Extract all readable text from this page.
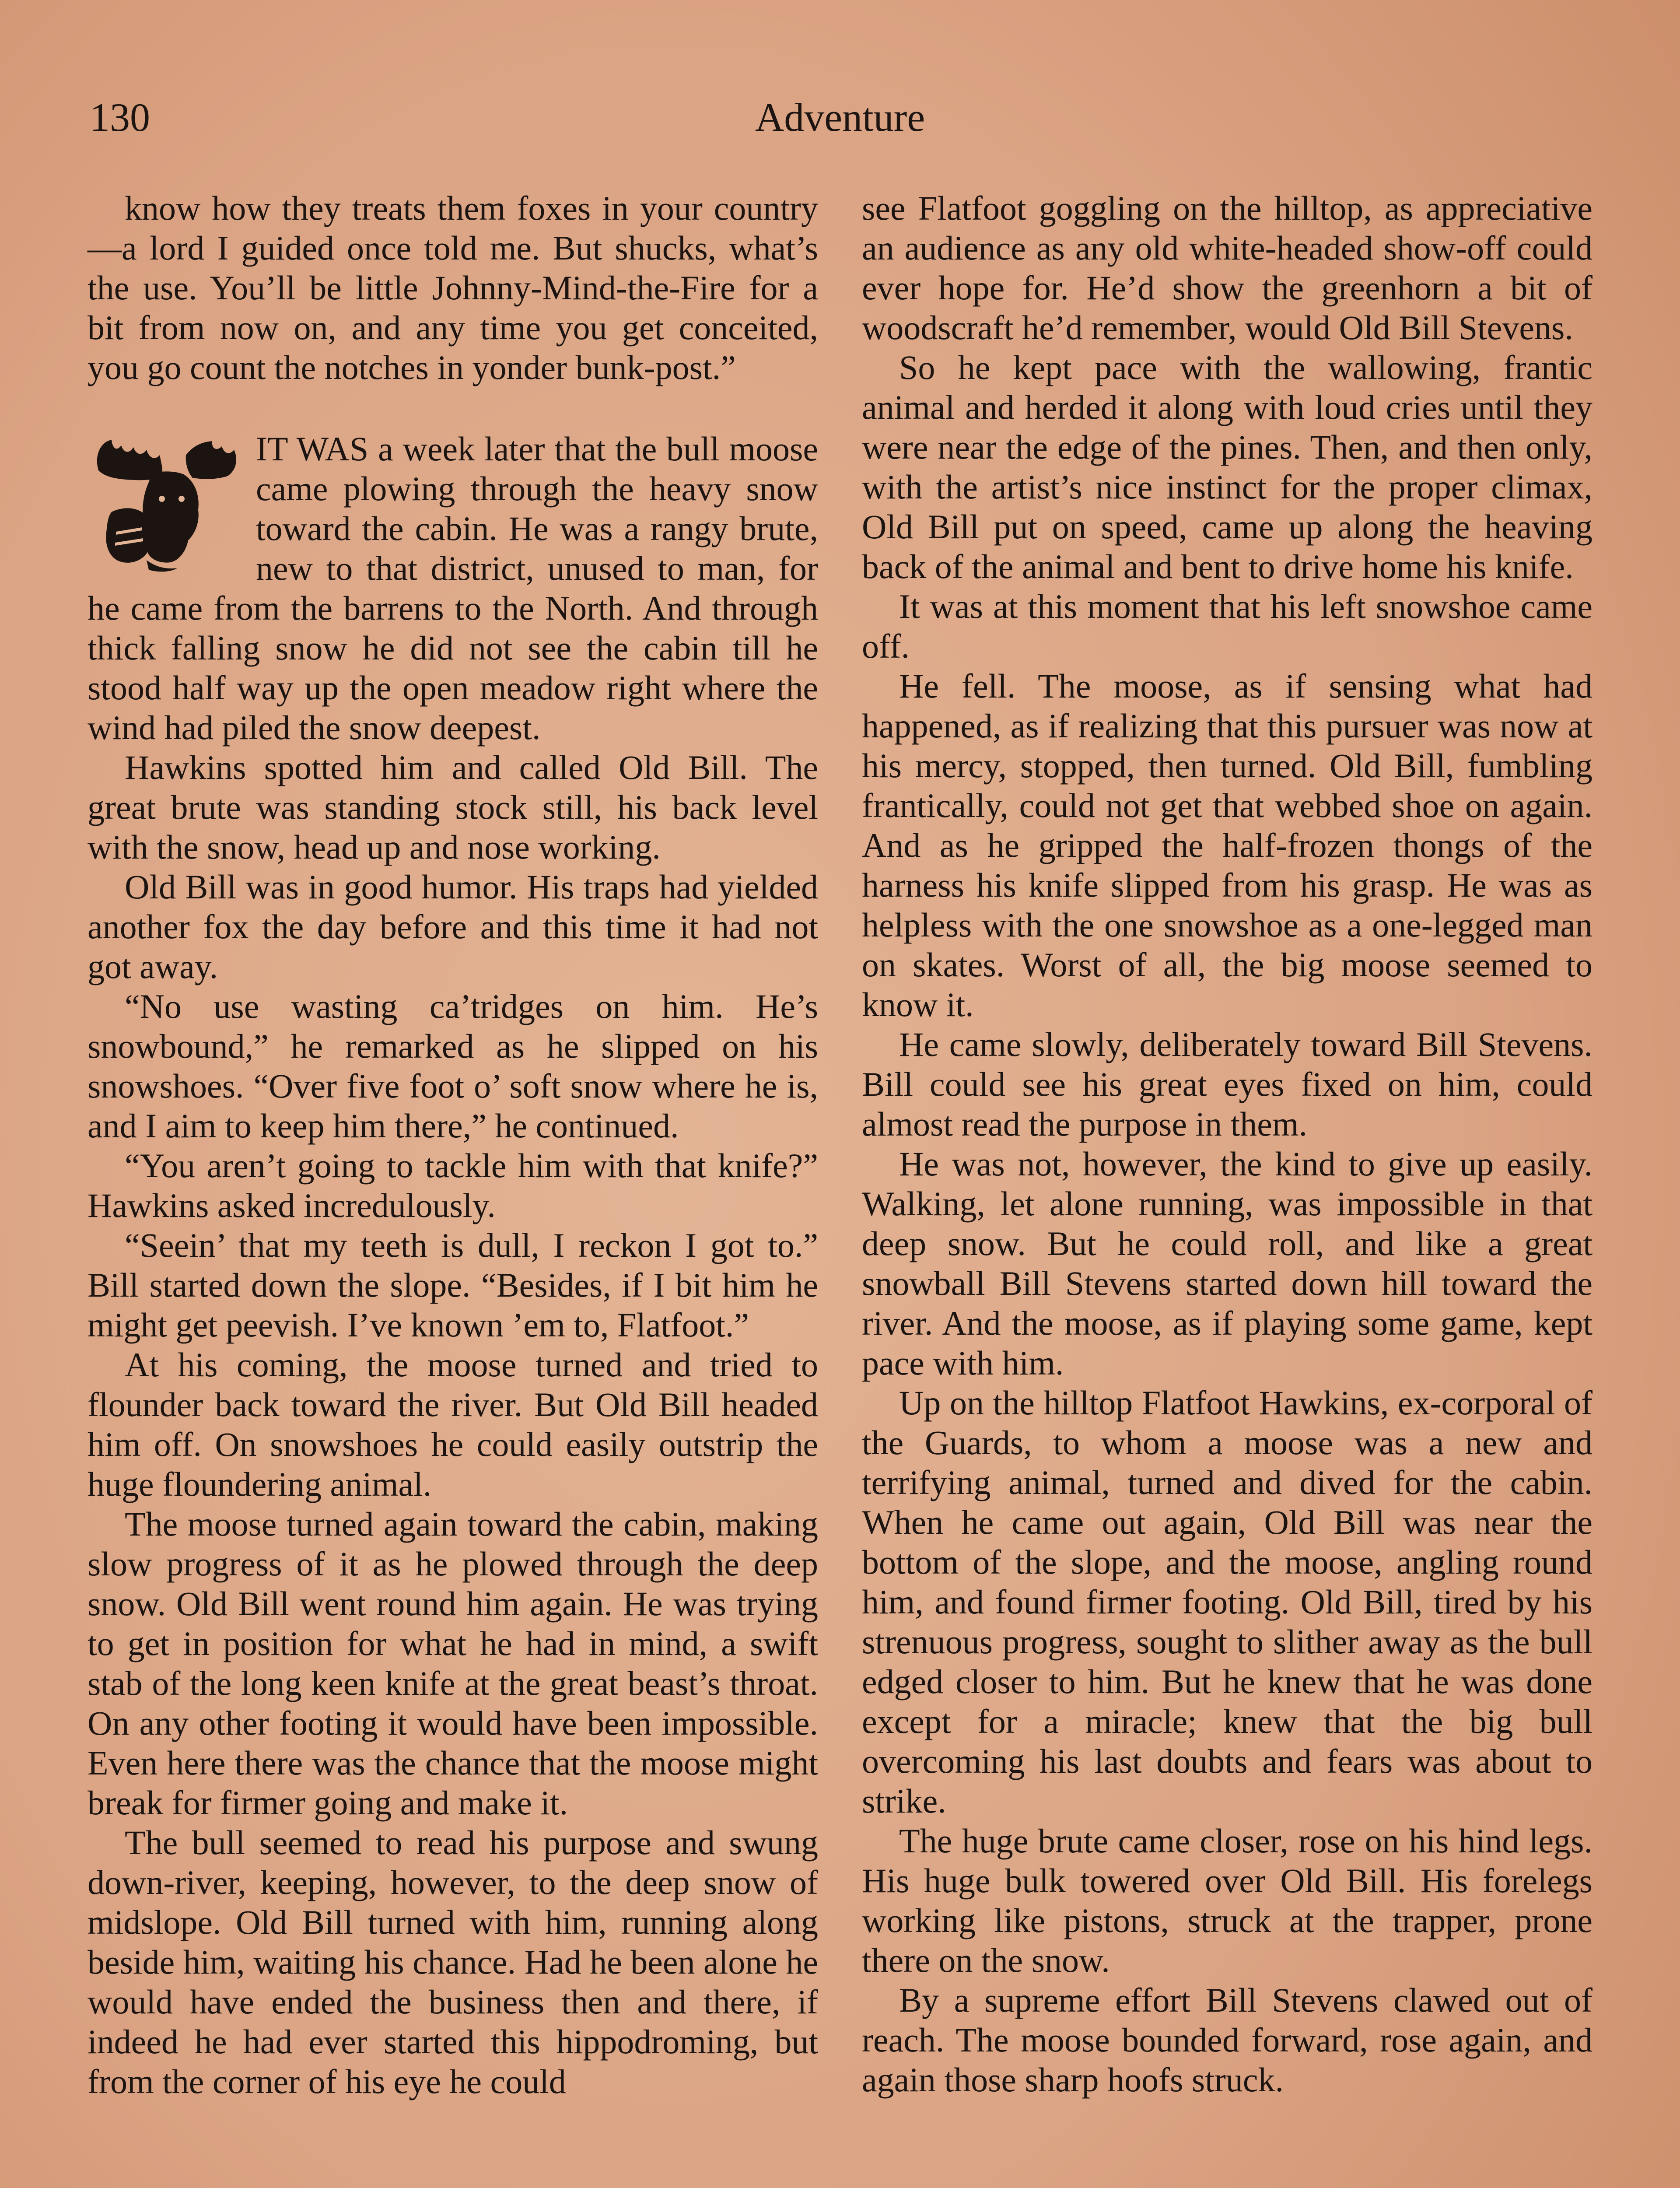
130	Adventure

know how they treats them foxes in your country—a lord I guided once told me. But shucks, what’s the use. You’ll be little Johnny-Mind-the-Fire for a bit from now on, and any time you get conceited, you go count the notches in yonder bunk-post.”

IT WAS a week later that the bull moose came plowing through the heavy snow toward the cabin. He was a rangy brute, new to that district, unused to man, for he came from the barrens to the North. And through thick falling snow he did not see the cabin till he stood half way up the open meadow right where the wind had piled the snow deepest.

Hawkins spotted him and called Old Bill. The great brute was standing stock still, his back level with the snow, head up and nose working.

Old Bill was in good humor. His traps had yielded another fox the day before and this time it had not got away.

“No use wasting ca’tridges on him. He’s snowbound,” he remarked as he slipped on his snowshoes. “Over five foot o’ soft snow where he is, and I aim to keep him there,” he continued.

“You aren’t going to tackle him with that knife?” Hawkins asked incredulously.

“Seein’ that my teeth is dull, I reckon I got to.” Bill started down the slope. “Besides, if I bit him he might get peevish. I’ve known ’em to, Flatfoot.”

At his coming, the moose turned and tried to flounder back toward the river. But Old Bill headed him off. On snowshoes he could easily outstrip the huge floundering animal.

The moose turned again toward the cabin, making slow progress of it as he plowed through the deep snow. Old Bill went round him again. He was trying to get in position for what he had in mind, a swift stab of the long keen knife at the great beast’s throat. On any other footing it would have been impossible. Even here there was the chance that the moose might break for firmer going and make it.

The bull seemed to read his purpose and swung down-river, keeping, however, to the deep snow of midslope. Old Bill turned with him, running along beside him, waiting his chance. Had he been alone he would have ended the business then and there, if indeed he had ever started this hippodroming, but from the corner of his eye he could

see Flatfoot goggling on the hilltop, as appreciative an audience as any old white-headed show-off could ever hope for. He’d show the greenhorn a bit of woodscraft he’d remember, would Old Bill Stevens.

So he kept pace with the wallowing, frantic animal and herded it along with loud cries until they were near the edge of the pines. Then, and then only, with the artist’s nice instinct for the proper climax, Old Bill put on speed, came up along the heaving back of the animal and bent to drive home his knife.

It was at this moment that his left snowshoe came off.

He fell. The moose, as if sensing what had happened, as if realizing that this pursuer was now at his mercy, stopped, then turned. Old Bill, fumbling frantically, could not get that webbed shoe on again. And as he gripped the half-frozen thongs of the harness his knife slipped from his grasp. He was as helpless with the one snowshoe as a one-legged man on skates. Worst of all, the big moose seemed to know it.

He came slowly, deliberately toward Bill Stevens. Bill could see his great eyes fixed on him, could almost read the purpose in them.

He was not, however, the kind to give up easily. Walking, let alone running, was impossible in that deep snow. But he could roll, and like a great snowball Bill Stevens started down hill toward the river. And the moose, as if playing some game, kept pace with him.

Up on the hilltop Flatfoot Hawkins, ex-corporal of the Guards, to whom a moose was a new and terrifying animal, turned and dived for the cabin. When he came out again, Old Bill was near the bottom of the slope, and the moose, angling round him, and found firmer footing. Old Bill, tired by his strenuous progress, sought to slither away as the bull edged closer to him. But he knew that he was done except for a miracle; knew that the big bull overcoming his last doubts and fears was about to strike.

The huge brute came closer, rose on his hind legs. His huge bulk towered over Old Bill. His forelegs working like pistons, struck at the trapper, prone there on the snow.

By a supreme effort Bill Stevens clawed out of reach. The moose bounded forward, rose again, and again those sharp hoofs struck.
